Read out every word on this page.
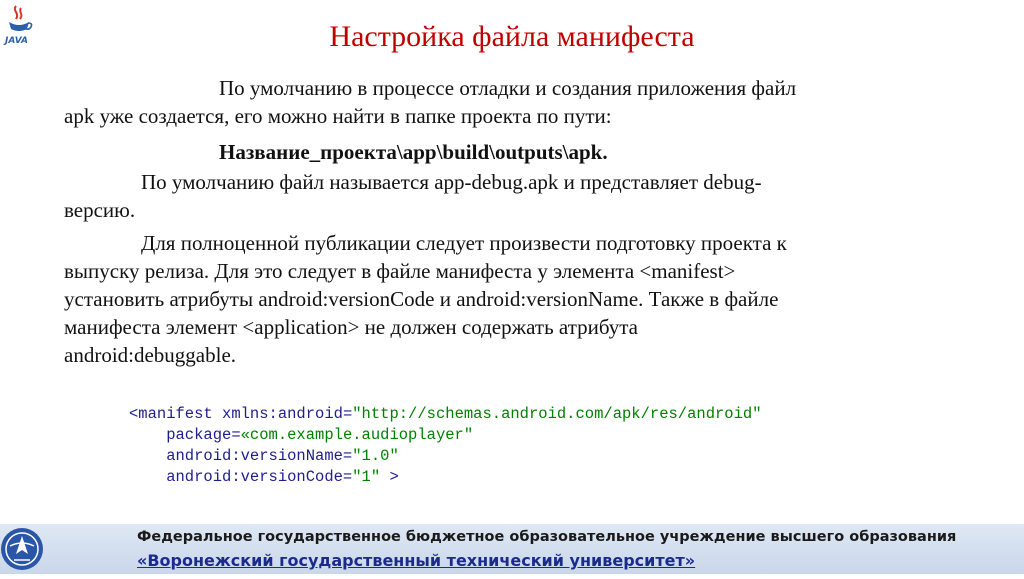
JAVA	Настройка файла манифеста
По умолчанию в процессе отладки и создания приложения файл
apk уже создается, его можно найти в папке проекта по пути:
Название_проекта\app\build\outputs\apk.
По умолчанию файл называется app-debug.apk и представляет debug-
версию.
Для полноценной публикации следует произвести подготовку проекта к
выпуску релиза. Для это следует в файле манифеста у элемента <manifest>
установить атрибуты android:versionCode и android:versionName. Также в файле
манифеста элемент <application> не должен содержать атрибута
android:debuggable.
<manifest xmlns:android="http://schemas.android.com/apk/res/android"
package=«com.example.audioplayer"
android:versionName="1.0"
android:versionCode="1" >
Федеральное государственное бюджетное образовательное учреждение высшего образования
«Воронежский государственный технический университет»
